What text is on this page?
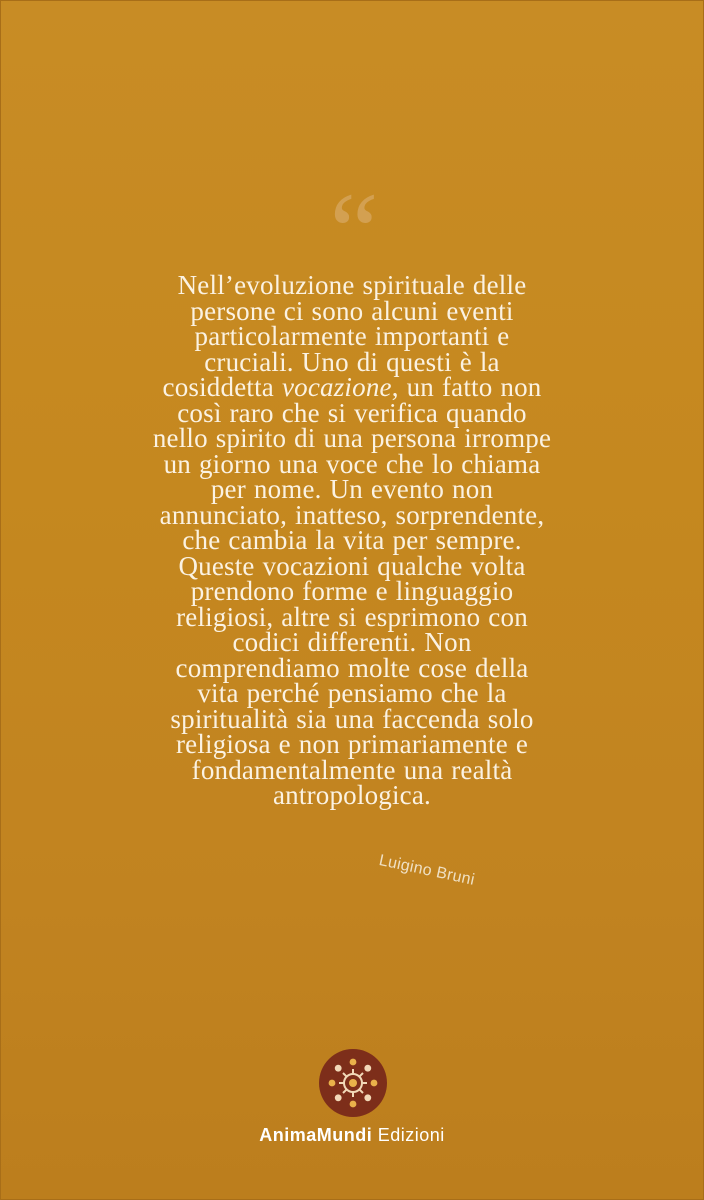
“
Nell’evoluzione spirituale delle
persone ci sono alcuni eventi
particolarmente importanti e
cruciali. Uno di questi è la
cosiddetta vocazione, un fatto non
così raro che si verifica quando
nello spirito di una persona irrompe
un giorno una voce che lo chiama
per nome. Un evento non
annunciato, inatteso, sorprendente,
che cambia la vita per sempre.
Queste vocazioni qualche volta
prendono forme e linguaggio
religiosi, altre si esprimono con
codici differenti. Non
comprendiamo molte cose della
vita perché pensiamo che la
spiritualità sia una faccenda solo
religiosa e non primariamente e
fondamentalmente una realtà
antropologica.
Luigino Bruni
AnimaMundi Edizioni
